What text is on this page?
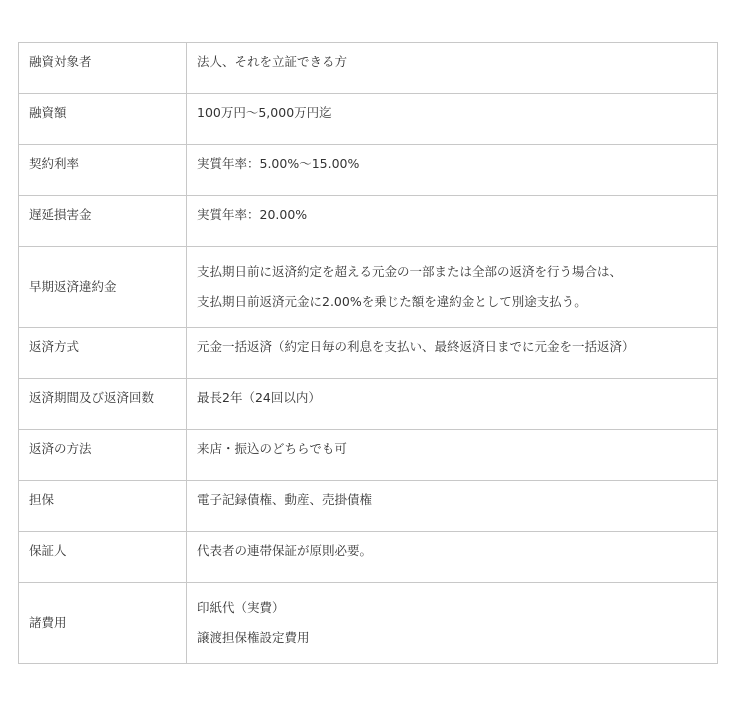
融資対象者	法人、それを立証できる方

融資額	100万円～5,000万円迄

契約利率	実質年率：5.00%～15.00%

遅延損害金	実質年率：20.00%

早期返済違約金	支払期日前に返済約定を超える元金の一部または全部の返済を行う場合は、
支払期日前返済元金に2.00%を乗じた額を違約金として別途支払う。

返済方式	元金一括返済（約定日毎の利息を支払い、最終返済日までに元金を一括返済）

返済期間及び返済回数	最長2年（24回以内）

返済の方法	来店・振込のどちらでも可

担保	電子記録債権、動産、売掛債権

保証人	代表者の連帯保証が原則必要。

諸費用	印紙代（実費）
譲渡担保権設定費用
